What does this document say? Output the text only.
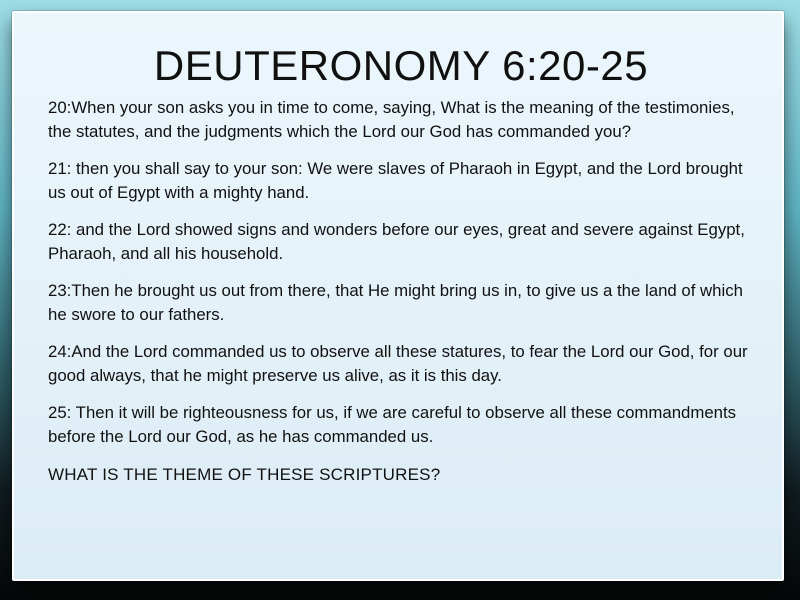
DEUTERONOMY 6:20-25

20:When your son asks you in time to come, saying, What is the meaning of the testimonies, the statutes, and the judgments which the Lord our God has commanded you?

21: then you shall say to your son: We were slaves of Pharaoh in Egypt, and the Lord brought us out of Egypt with a mighty hand.

22: and the Lord showed signs and wonders before our eyes, great and severe against Egypt, Pharaoh, and all his household.

23:Then he brought us out from there, that He might bring us in, to give us a the land of which he swore to our fathers.

24:And the Lord commanded us to observe all these statures, to fear the Lord our God, for our good always, that he might preserve us alive, as it is this day.

25: Then it will be righteousness for us, if we are careful to observe all these commandments before the Lord our God, as he has commanded us.

WHAT IS THE THEME OF THESE SCRIPTURES?
